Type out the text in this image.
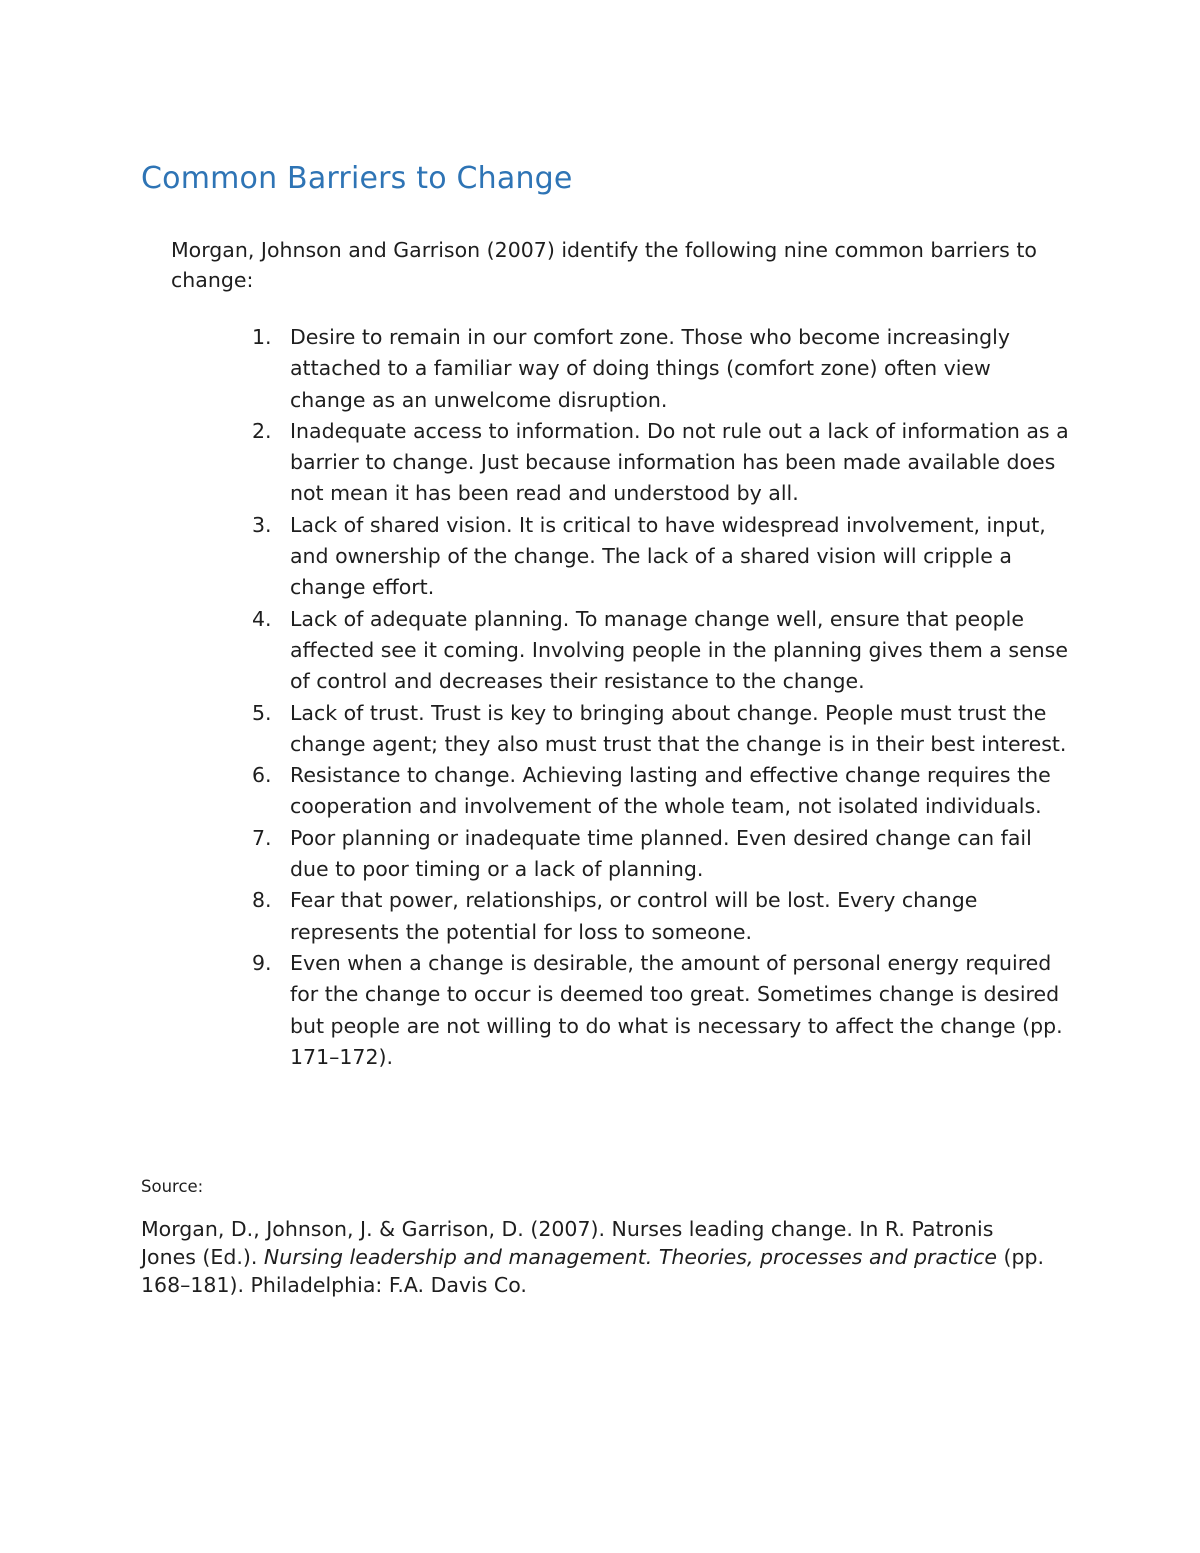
Common Barriers to Change

Morgan, Johnson and Garrison (2007) identify the following nine common barriers to change:

1. Desire to remain in our comfort zone. Those who become increasingly attached to a familiar way of doing things (comfort zone) often view change as an unwelcome disruption.
2. Inadequate access to information. Do not rule out a lack of information as a barrier to change. Just because information has been made available does not mean it has been read and understood by all.
3. Lack of shared vision. It is critical to have widespread involvement, input, and ownership of the change. The lack of a shared vision will cripple a change effort.
4. Lack of adequate planning. To manage change well, ensure that people affected see it coming. Involving people in the planning gives them a sense of control and decreases their resistance to the change.
5. Lack of trust. Trust is key to bringing about change. People must trust the change agent; they also must trust that the change is in their best interest.
6. Resistance to change. Achieving lasting and effective change requires the cooperation and involvement of the whole team, not isolated individuals.
7. Poor planning or inadequate time planned. Even desired change can fail due to poor timing or a lack of planning.
8. Fear that power, relationships, or control will be lost. Every change represents the potential for loss to someone.
9. Even when a change is desirable, the amount of personal energy required for the change to occur is deemed too great. Sometimes change is desired but people are not willing to do what is necessary to affect the change (pp. 171–172).

Source:

Morgan, D., Johnson, J. & Garrison, D. (2007). Nurses leading change. In R. Patronis Jones (Ed.). Nursing leadership and management. Theories, processes and practice (pp. 168–181). Philadelphia: F.A. Davis Co.
